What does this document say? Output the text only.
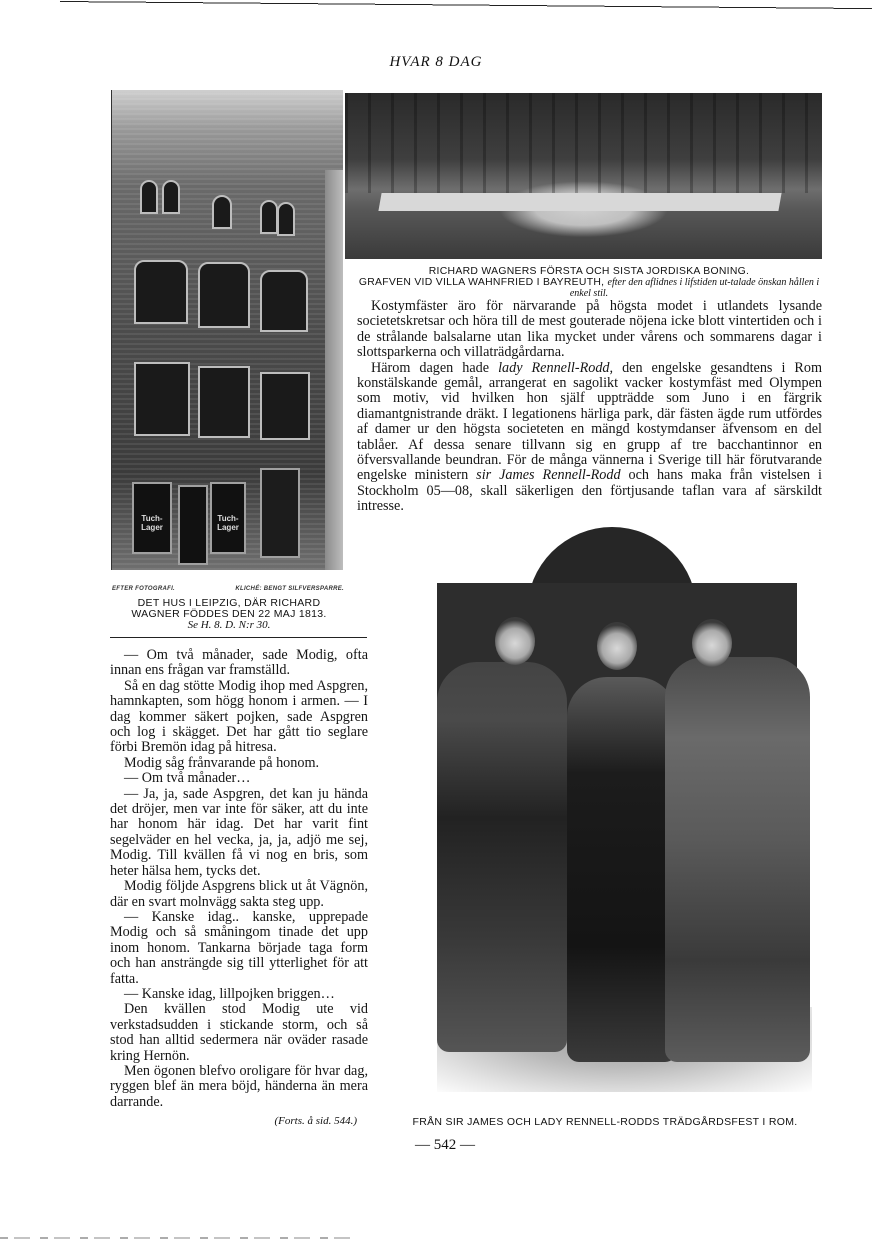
HVAR 8 DAG
Tuch-Lager
Tuch-Lager
RICHARD WAGNERS FÖRSTA OCH SISTA JORDISKA BONING.
GRAFVEN VID VILLA WAHNFRIED I BAYREUTH, efter den aflidnes i lifstiden ut-talade önskan hållen i enkel stil.

Kostymfäster äro för närvarande på högsta modet i utlandets lysande societetskretsar och höra till de mest gouterade nöjena icke blott vintertiden och i de strålande balsalarne utan lika mycket under vårens och sommarens dagar i slottsparkerna och villaträdgårdarna.

Härom dagen hade lady Rennell-Rodd, den engelske gesandtens i Rom konstälskande gemål, arrangerat en sagolikt vacker kostymfäst med Olympen som motiv, vid hvilken hon själf uppträdde som Juno i en färgrik diamantgnistrande dräkt. I legationens härliga park, där fästen ägde rum utfördes af damer ur den högsta societeten en mängd kostymdanser äfvensom en del tablåer. Af dessa senare tillvann sig en grupp af tre bacchantinnor en öfversvallande beundran. För de många vännerna i Sverige till här förutvarande engelske ministern sir James Rennell-Rodd och hans maka från vistelsen i Stockholm 05—08, skall säkerligen den förtjusande taflan vara af särskildt intresse.

EFTER FOTOGRAFI.	KLICHÉ: BENGT SILFVERSPARRE.
DET HUS I LEIPZIG, DÄR RICHARD
WAGNER FÖDDES DEN 22 MAJ 1813.
Se H. 8. D. N:r 30.

— Om två månader, sade Modig, ofta innan ens frågan var framställd.

Så en dag stötte Modig ihop med Aspgren, hamnkapten, som högg honom i armen. — I dag kommer säkert pojken, sade Aspgren och log i skägget. Det har gått tio seglare förbi Bremön idag på hitresa.

Modig såg frånvarande på honom.

— Om två månader…

— Ja, ja, sade Aspgren, det kan ju hända det dröjer, men var inte för säker, att du inte har honom här idag. Det har varit fint segelväder en hel vecka, ja, ja, adjö me sej, Modig. Till kvällen få vi nog en bris, som heter hälsa hem, tycks det.

Modig följde Aspgrens blick ut åt Vägnön, där en svart molnvägg sakta steg upp.

— Kanske idag.. kanske, upprepade Modig och så småningom tinade det upp inom honom. Tankarna började taga form och han ansträngde sig till ytterlighet för att fatta.

— Kanske idag, lillpojken briggen…

Den kvällen stod Modig ute vid verkstadsudden i stickande storm, och så stod han alltid sedermera när oväder rasade kring Hernön.

Men ögonen blefvo oroligare för hvar dag, ryggen blef än mera böjd, händerna än mera darrande.

(Forts. å sid. 544.)	FRÅN SIR JAMES OCH LADY RENNELL-RODDS TRÄDGÅRDSFEST I ROM.
— 542 —
